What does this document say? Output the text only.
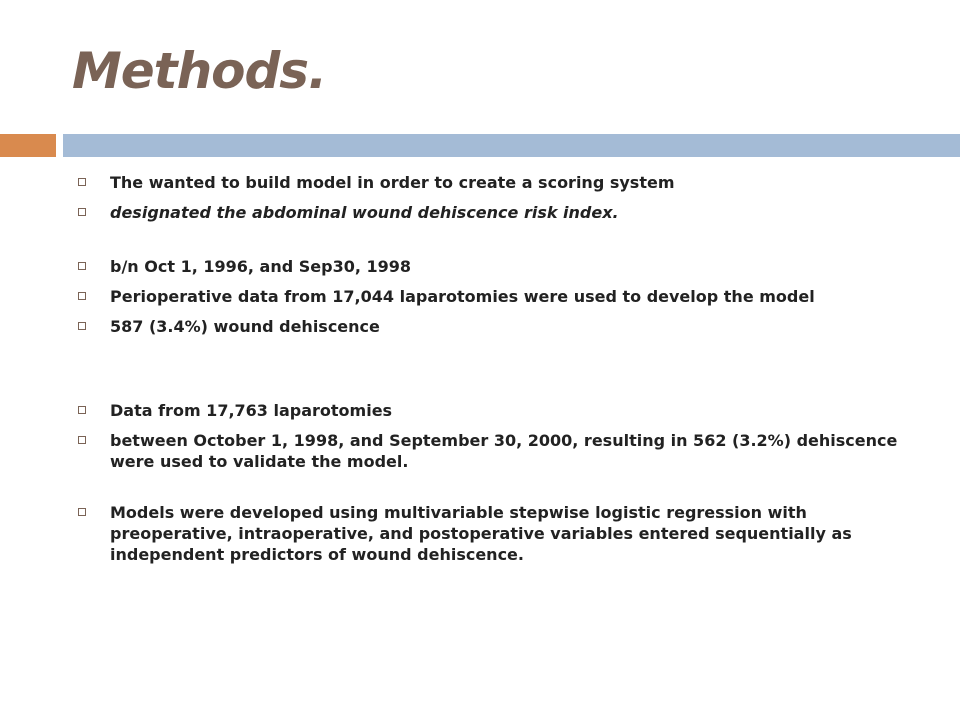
Methods.
The wanted to build model in order to create a scoring system
designated the abdominal wound dehiscence risk index.
b/n Oct 1, 1996, and Sep30, 1998
Perioperative data from 17,044 laparotomies were used to develop the model
587 (3.4%) wound dehiscence
Data from 17,763 laparotomies
between October 1, 1998, and September 30, 2000, resulting in 562 (3.2%) dehiscence were used to validate the model.
Models were developed using multivariable stepwise logistic regression with preoperative, intraoperative, and postoperative variables entered sequentially as independent predictors of wound dehiscence.
